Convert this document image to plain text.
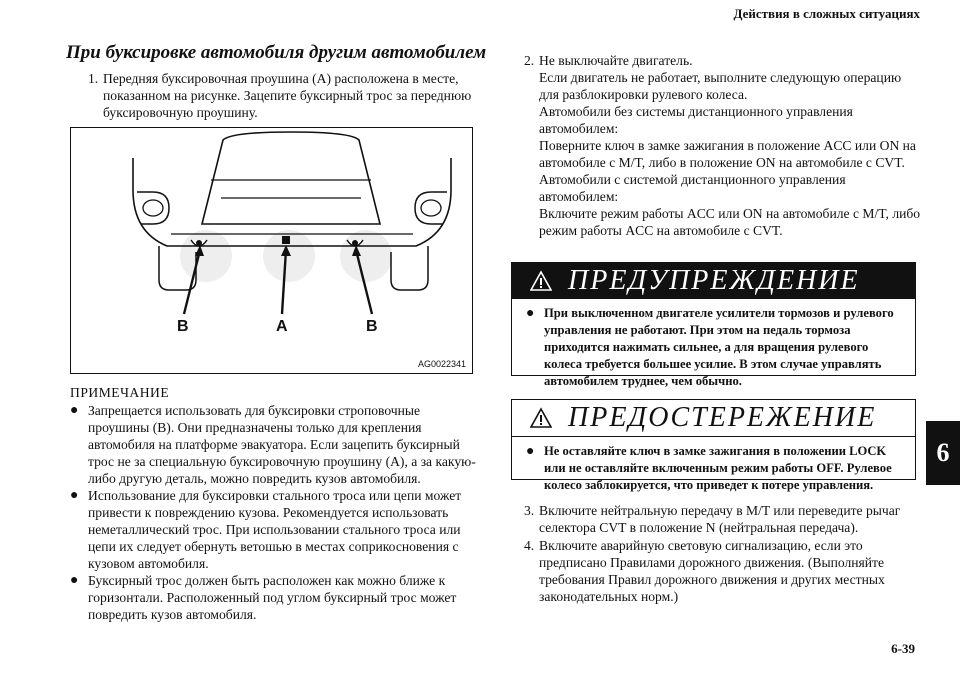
Действия в сложных ситуациях
6-39
6
При буксировке автомобиля другим автомобилем
1. Передняя буксировочная проушина (A) расположена в месте, показанном на рисунке. Зацепите буксирный трос за переднюю буксировочную проушину.

B	A	B
AG0022341
ПРИМЕЧАНИЕ
● Запрещается использовать для буксировки строповочные проушины (B). Они предназначены только для крепления автомобиля на платформе эвакуатора. Если зацепить буксирный трос не за специальную буксировочную проушину (A), а за какую-либо другую деталь, можно повредить кузов автомобиля.
● Использование для буксировки стального троса или цепи может привести к повреждению кузова. Рекомендуется использовать неметаллический трос. При использовании стального троса или цепи их следует обернуть ветошью в местах соприкосновения с кузовом автомобиля.
● Буксирный трос должен быть расположен как можно ближе к горизонтали. Расположенный под углом буксирный трос может повредить кузов автомобиля.
2. Не выключайте двигатель.
Если двигатель не работает, выполните следующую операцию для разблокировки рулевого колеса.
Автомобили без системы дистанционного управления автомобилем:
Поверните ключ в замке зажигания в положение ACC или ON на автомобиле с M/T, либо в положение ON на автомобиле с CVT.
Автомобили с системой дистанционного управления автомобилем:
Включите режим работы ACC или ON на автомобиле с M/T, либо режим работы ACC на автомобиле с CVT.
ПРЕДУПРЕЖДЕНИЕ
● При выключенном двигателе усилители тормозов и рулевого управления не работают. При этом на педаль тормоза приходится нажимать сильнее, а для вращения рулевого колеса требуется большее усилие. В этом случае управлять автомобилем труднее, чем обычно.
ПРЕДОСТЕРЕЖЕНИЕ
● Не оставляйте ключ в замке зажигания в положении LOCK или не оставляйте включенным режим работы OFF. Рулевое колесо заблокируется, что приведет к потере управления.
3. Включите нейтральную передачу в M/T или переведите рычаг селектора CVT в положение N (нейтральная передача).
4. Включите аварийную световую сигнализацию, если это предписано Правилами дорожного движения. (Выполняйте требования Правил дорожного движения и других местных законодательных норм.)
